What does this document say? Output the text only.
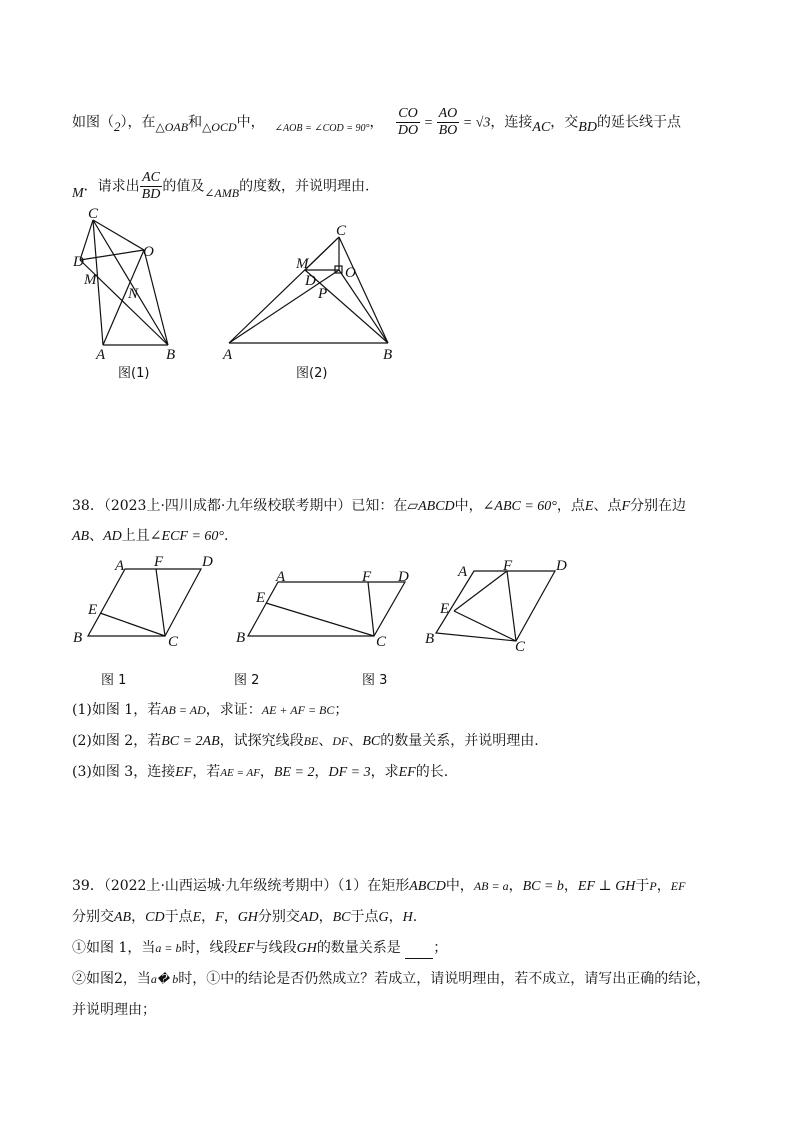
如图（2），在△OAB和△OCD中， $_{\angle AOB = \angle COD = 90^\circ}$， $\frac{CO}{DO} = \frac{AO}{BO} = √3$，连接AC，交BD的延长线于点
M．请求出 $\frac{AC}{BD}$ 的值及∠AMB的度数，并说明理由.
C
D
M
N
O
A	B
图(1)
C
M
D O
P
A	B
图(2)
38．（2023上·四川成都·九年级校联考期中）已知：在▱ABCD中，∠ABC = 60°，点E、点F分别在边
AB、AD上且∠ECF = 60°.
A F	D
E
B	C
图 1
A	F D
E
B	C
图 2
A F	D
E
B	C
图 3
(1)如图 1，若AB = AD，求证：AE + AF = BC；
(2)如图 2，若BC = 2AB，试探究线段BE、DF、BC的数量关系，并说明理由.
(3)如图 3，连接EF，若AE = AF，BE = 2，DF = 3，求EF的长.
39．（2022上·山西运城·九年级统考期中）（1）在矩形ABCD中，AB = a，BC = b，EF ⊥ GH于P，EF
分别交AB，CD于点E，F，GH分别交AD，BC于点G，H.
①如图 1，当a = b时，线段EF与线段GH的数量关系是 ；
②如图2，当a� b时，①中的结论是否仍然成立？若成立，请说明理由，若不成立，请写出正确的结论，
并说明理由；
